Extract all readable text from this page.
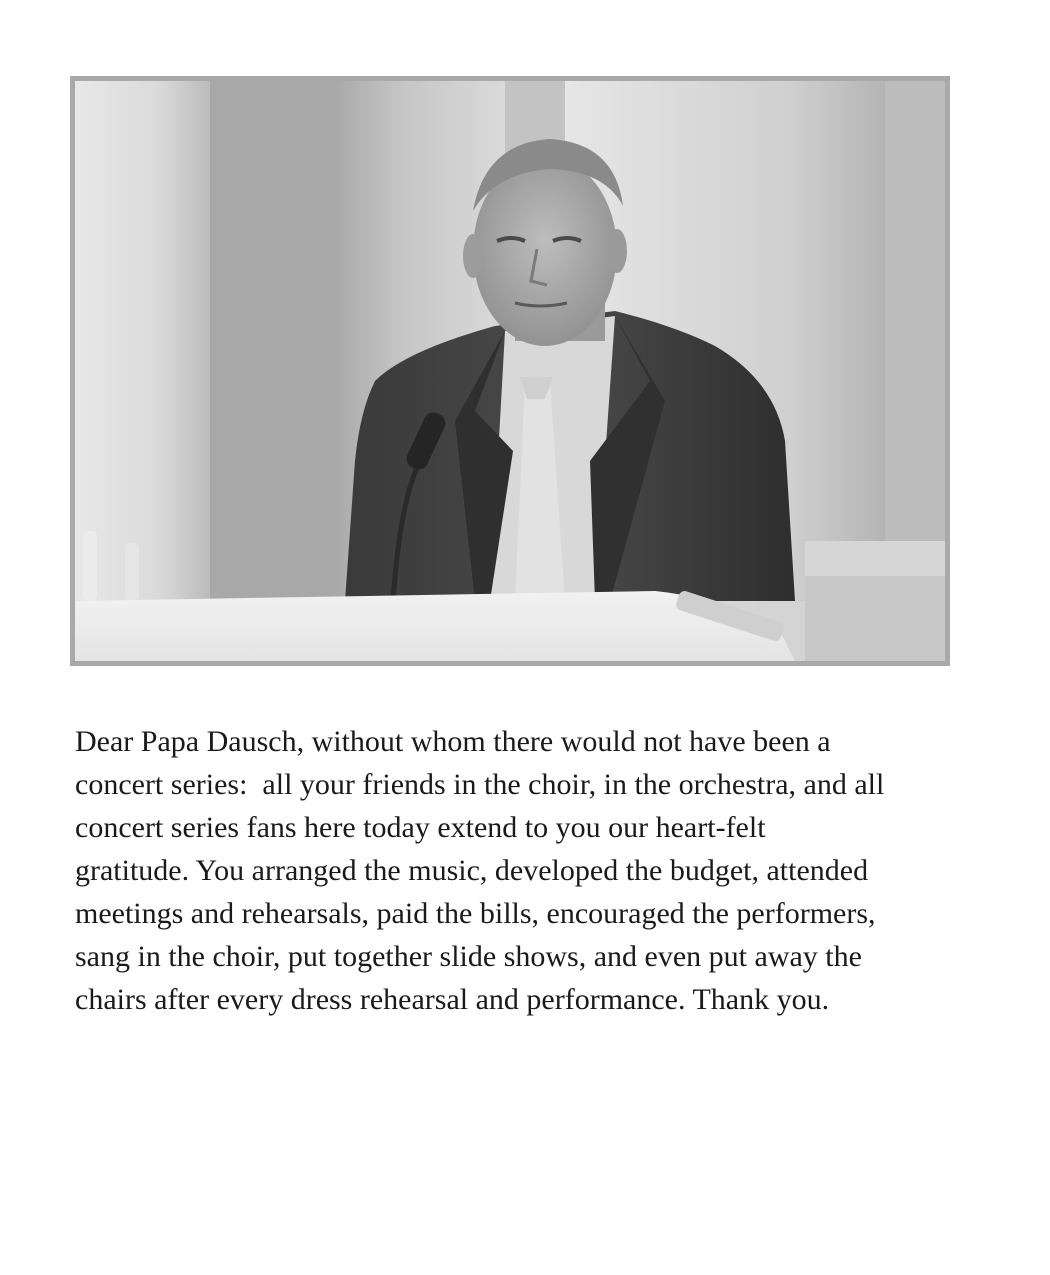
Dear Papa Dausch, without whom there would not have been a
concert series:  all your friends in the choir, in the orchestra, and all
concert series fans here today extend to you our heart-felt
gratitude. You arranged the music, developed the budget, attended
meetings and rehearsals, paid the bills, encouraged the performers,
sang in the choir, put together slide shows, and even put away the
chairs after every dress rehearsal and performance. Thank you.
